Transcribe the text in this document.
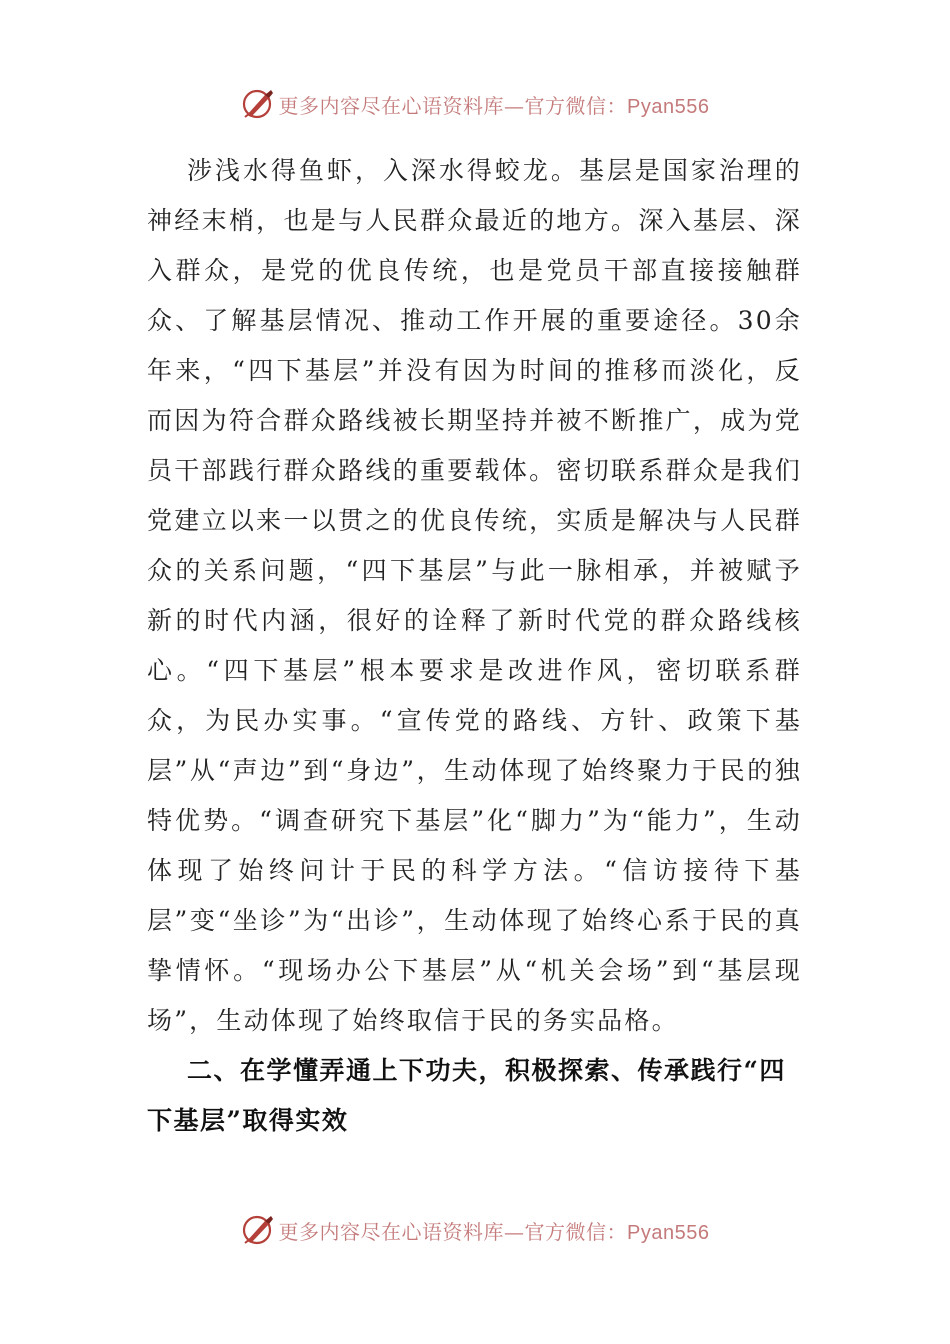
更多内容尽在心语资料库—官方微信：Pyan556

涉浅水得鱼虾，入深水得蛟龙。基层是国家治理的神经末梢，也是与人民群众最近的地方。深入基层、深入群众，是党的优良传统，也是党员干部直接接触群众、了解基层情况、推动工作开展的重要途径。30余年来，“四下基层”并没有因为时间的推移而淡化，反而因为符合群众路线被长期坚持并被不断推广，成为党员干部践行群众路线的重要载体。密切联系群众是我们党建立以来一以贯之的优良传统，实质是解决与人民群众的关系问题，“四下基层”与此一脉相承，并被赋予新的时代内涵，很好的诠释了新时代党的群众路线核心。“四下基层”根本要求是改进作风，密切联系群众，为民办实事。“宣传党的路线、方针、政策下基层”从“声边”到“身边”，生动体现了始终聚力于民的独特优势。“调查研究下基层”化“脚力”为“能力”，生动体现了始终问计于民的科学方法。“信访接待下基层”变“坐诊”为“出诊”，生动体现了始终心系于民的真挚情怀。“现场办公下基层”从“机关会场”到“基层现场”，生动体现了始终取信于民的务实品格。

二、在学懂弄通上下功夫，积极探索、传承践行“四下基层”取得实效

更多内容尽在心语资料库—官方微信：Pyan556
